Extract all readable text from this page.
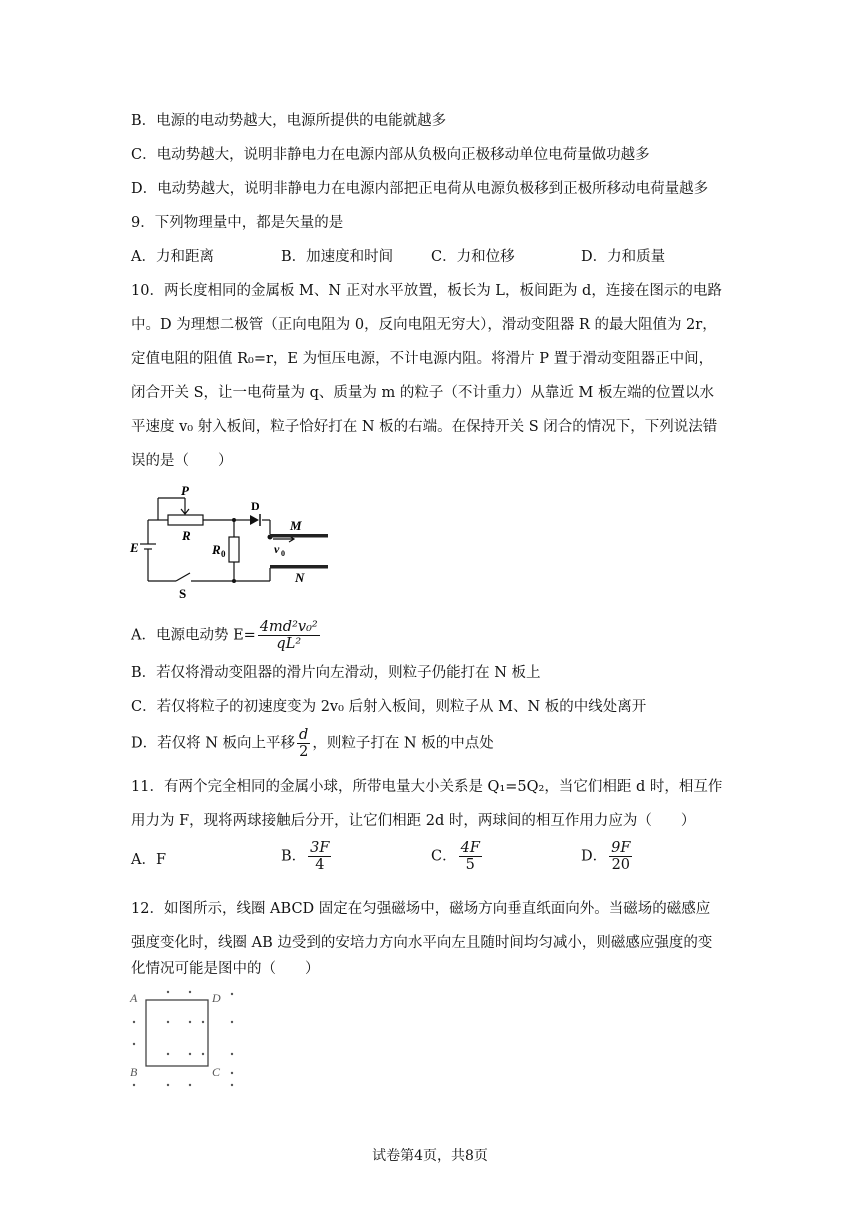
B．电源的电动势越大，电源所提供的电能就越多
C．电动势越大，说明非静电力在电源内部从负极向正极移动单位电荷量做功越多
D．电动势越大，说明非静电力在电源内部把正电荷从电源负极移到正极所移动电荷量越多
9．下列物理量中，都是矢量的是
A．力和距离	B．加速度和时间	C．力和位移	D．力和质量
10．两长度相同的金属板 M、N 正对水平放置，板长为 L，板间距为 d，连接在图示的电路
中。D 为理想二极管（正向电阻为 0，反向电阻无穷大），滑动变阻器 R 的最大阻值为 2r，
定值电阻的阻值 R₀=r，E 为恒压电源，不计电源内阻。将滑片 P 置于滑动变阻器正中间，
闭合开关 S，让一电荷量为 q、质量为 m 的粒子（不计重力）从靠近 M 板左端的位置以水
平速度 v₀ 射入板间，粒子恰好打在 N 板的右端。在保持开关 S 闭合的情况下，下列说法错
误的是（　　）
P
D
M
R
E	R 0	v 0
N
S
A．电源电动势 $E= \frac{\text{4md²v₀²}}{\text{qL²}}$
B．若仅将滑动变阻器的滑片向左滑动，则粒子仍能打在 N 板上
C．若仅将粒子的初速度变为 2v₀ 后射入板间，则粒子从 M、N 板的中线处离开
D．若仅将 N 板向上平移 $\frac{d}{2}$ ，则粒子打在 N 板的中点处
11．有两个完全相同的金属小球，所带电量大小关系是 Q₁=5Q₂，当它们相距 d 时，相互作
用力为 F，现将两球接触后分开，让它们相距 2d 时，两球间的相互作用力应为（　　）
A．F	B． $\frac{3F}{4}$	C． $\frac{4F}{5}$	D． $\frac{9F}{20}$
12．如图所示，线圈 ABCD 固定在匀强磁场中，磁场方向垂直纸面向外。当磁场的磁感应
强度变化时，线圈 AB 边受到的安培力方向水平向左且随时间均匀减小，则磁感应强度的变
化情况可能是图中的（　　）
A	D
B	C
试卷第4页，共8页
